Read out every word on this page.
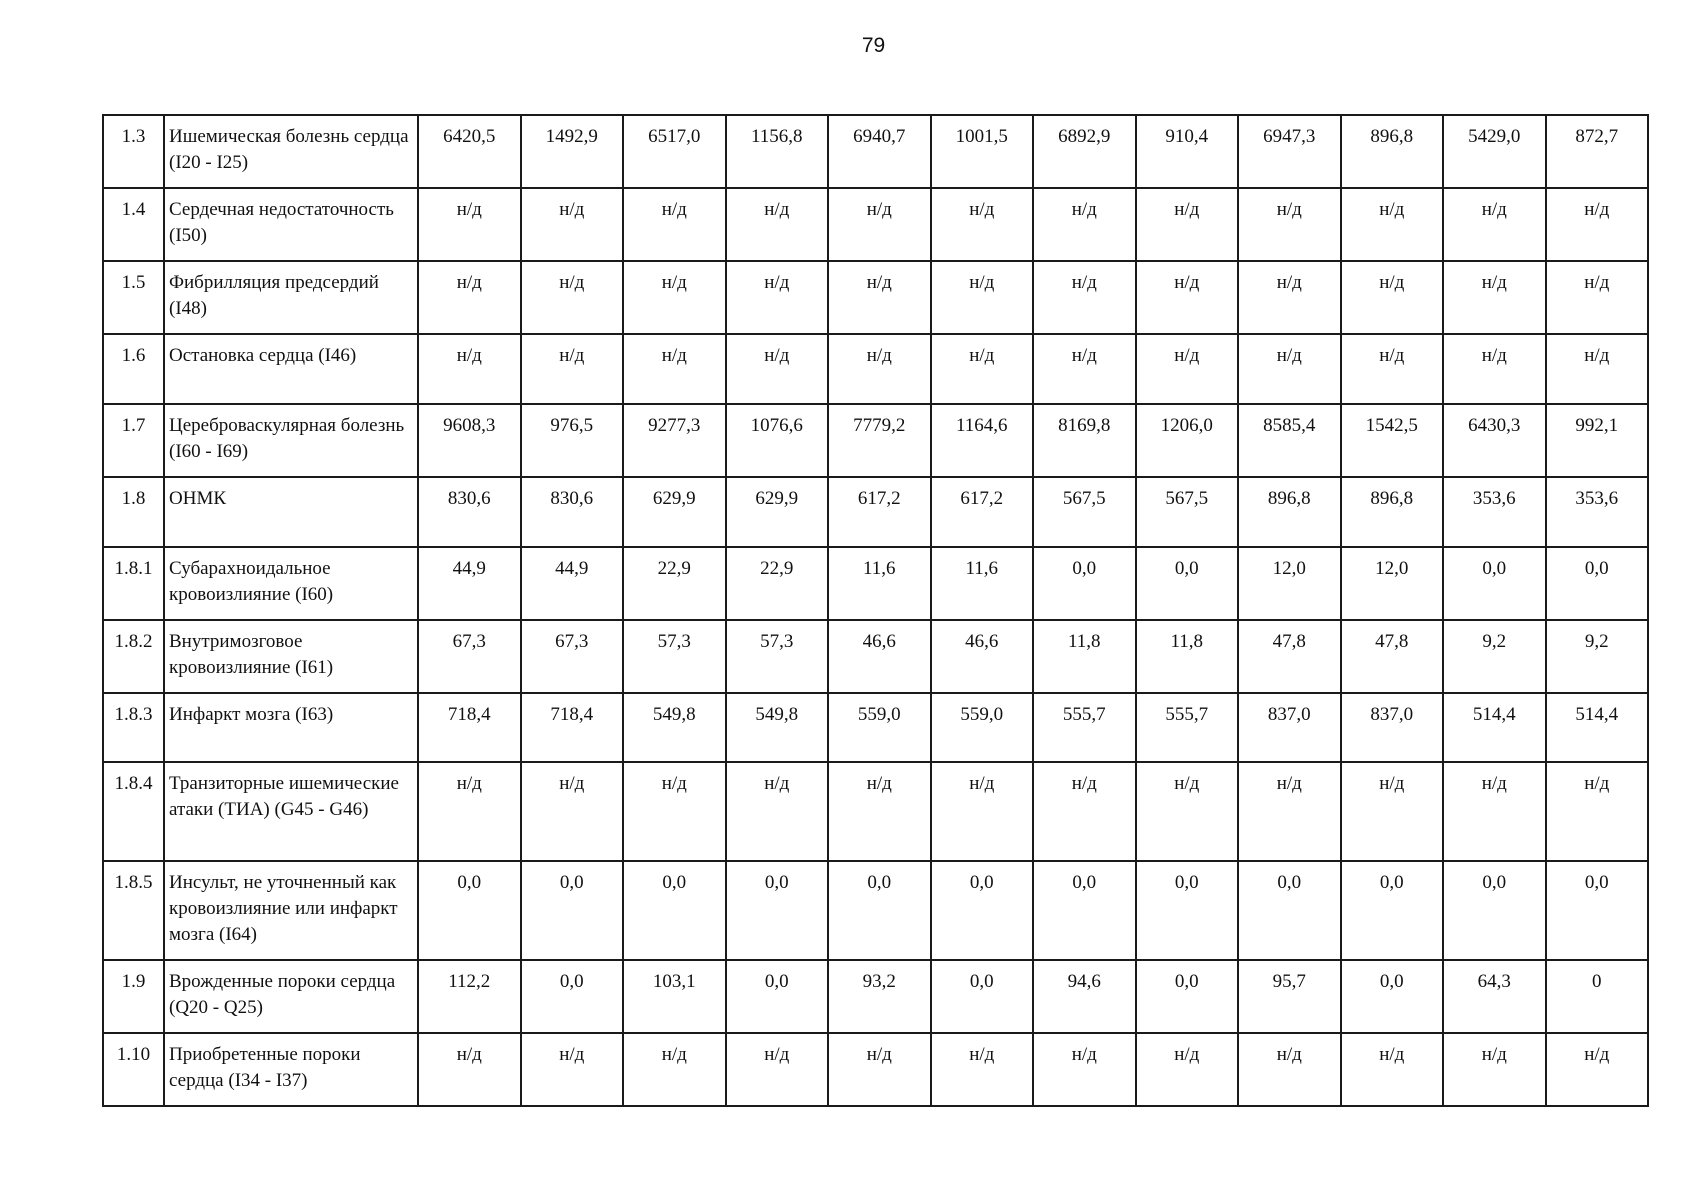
79
1.3	Ишемическая болезнь сердца (I20 - I25)	6420,5	1492,9	6517,0	1156,8	6940,7	1001,5	6892,9	910,4	6947,3	896,8	5429,0	872,7
1.4	Сердечная недостаточность (I50)	н/д	н/д	н/д	н/д	н/д	н/д	н/д	н/д	н/д	н/д	н/д	н/д
1.5	Фибрилляция предсердий (I48)	н/д	н/д	н/д	н/д	н/д	н/д	н/д	н/д	н/д	н/д	н/д	н/д
1.6	Остановка сердца (I46)	н/д	н/д	н/д	н/д	н/д	н/д	н/д	н/д	н/д	н/д	н/д	н/д
1.7	Цереброваскулярная болезнь (I60 - I69)	9608,3	976,5	9277,3	1076,6	7779,2	1164,6	8169,8	1206,0	8585,4	1542,5	6430,3	992,1
1.8	ОНМК	830,6	830,6	629,9	629,9	617,2	617,2	567,5	567,5	896,8	896,8	353,6	353,6
1.8.1	Субарахноидальное кровоизлияние (I60)	44,9	44,9	22,9	22,9	11,6	11,6	0,0	0,0	12,0	12,0	0,0	0,0
1.8.2	Внутримозговое кровоизлияние (I61)	67,3	67,3	57,3	57,3	46,6	46,6	11,8	11,8	47,8	47,8	9,2	9,2
1.8.3	Инфаркт мозга (I63)	718,4	718,4	549,8	549,8	559,0	559,0	555,7	555,7	837,0	837,0	514,4	514,4
1.8.4	Транзиторные ишемические атаки (ТИА) (G45 - G46)	н/д	н/д	н/д	н/д	н/д	н/д	н/д	н/д	н/д	н/д	н/д	н/д
1.8.5	Инсульт, не уточненный как кровоизлияние или инфаркт мозга (I64)	0,0	0,0	0,0	0,0	0,0	0,0	0,0	0,0	0,0	0,0	0,0	0,0
1.9	Врожденные пороки сердца (Q20 - Q25)	112,2	0,0	103,1	0,0	93,2	0,0	94,6	0,0	95,7	0,0	64,3	0
1.10	Приобретенные пороки сердца (I34 - I37)	н/д	н/д	н/д	н/д	н/д	н/д	н/д	н/д	н/д	н/д	н/д	н/д
